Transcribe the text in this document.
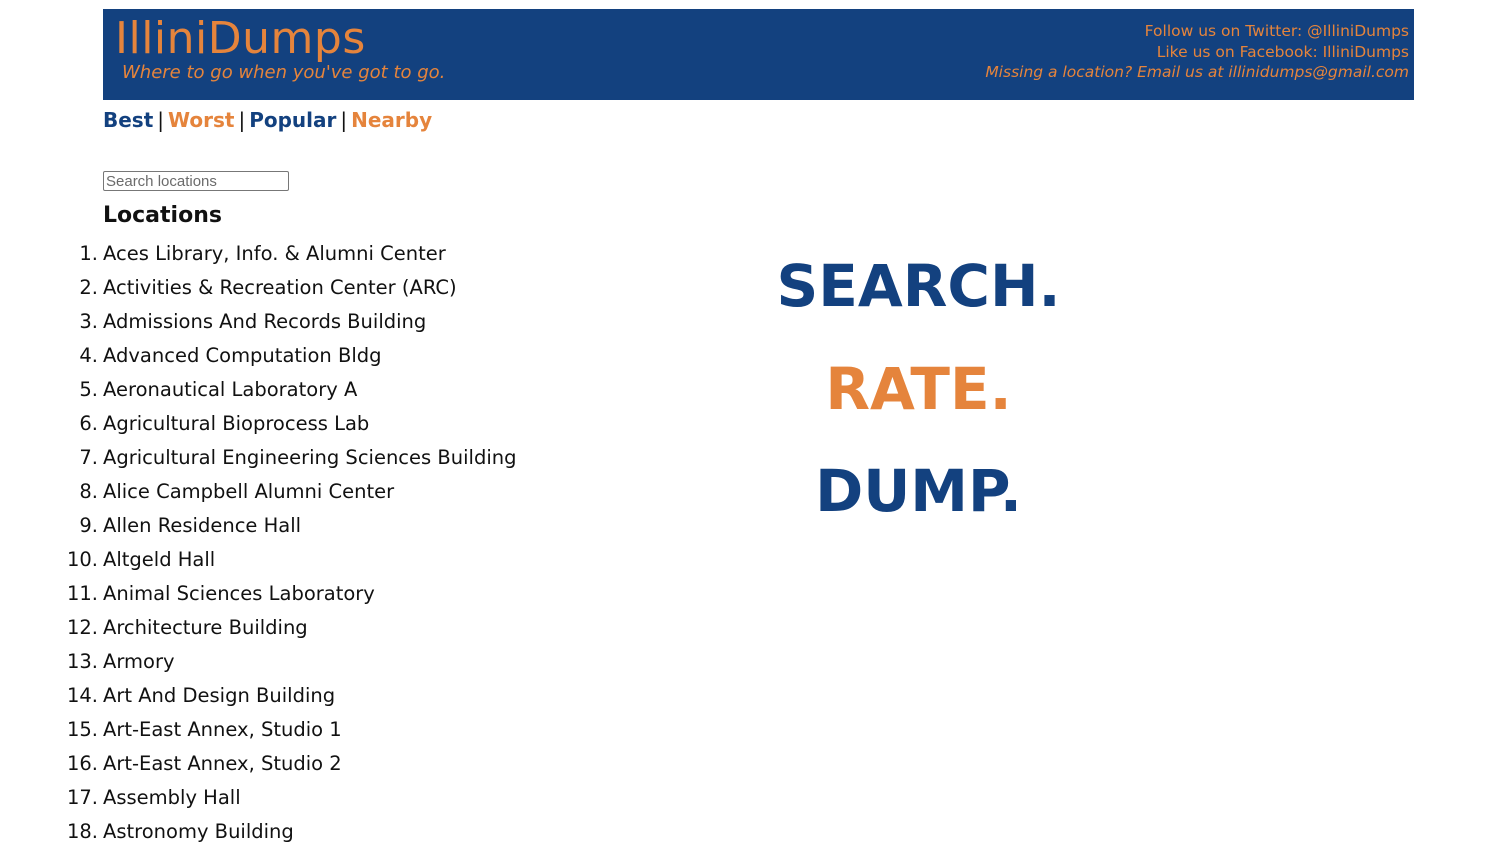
IlliniDumps
Where to go when you've got to go.
Follow us on Twitter: @IlliniDumps
Like us on Facebook: IlliniDumps
Missing a location? Email us at illinidumps@gmail.com
Best | Worst | Popular | Nearby
Search locations
Locations
1. Aces Library, Info. & Alumni Center
2. Activities & Recreation Center (ARC)
3. Admissions And Records Building
4. Advanced Computation Bldg
5. Aeronautical Laboratory A
6. Agricultural Bioprocess Lab
7. Agricultural Engineering Sciences Building
8. Alice Campbell Alumni Center
9. Allen Residence Hall
10. Altgeld Hall
11. Animal Sciences Laboratory
12. Architecture Building
13. Armory
14. Art And Design Building
15. Art-East Annex, Studio 1
16. Art-East Annex, Studio 2
17. Assembly Hall
18. Astronomy Building
SEARCH.
RATE.
DUMP.
